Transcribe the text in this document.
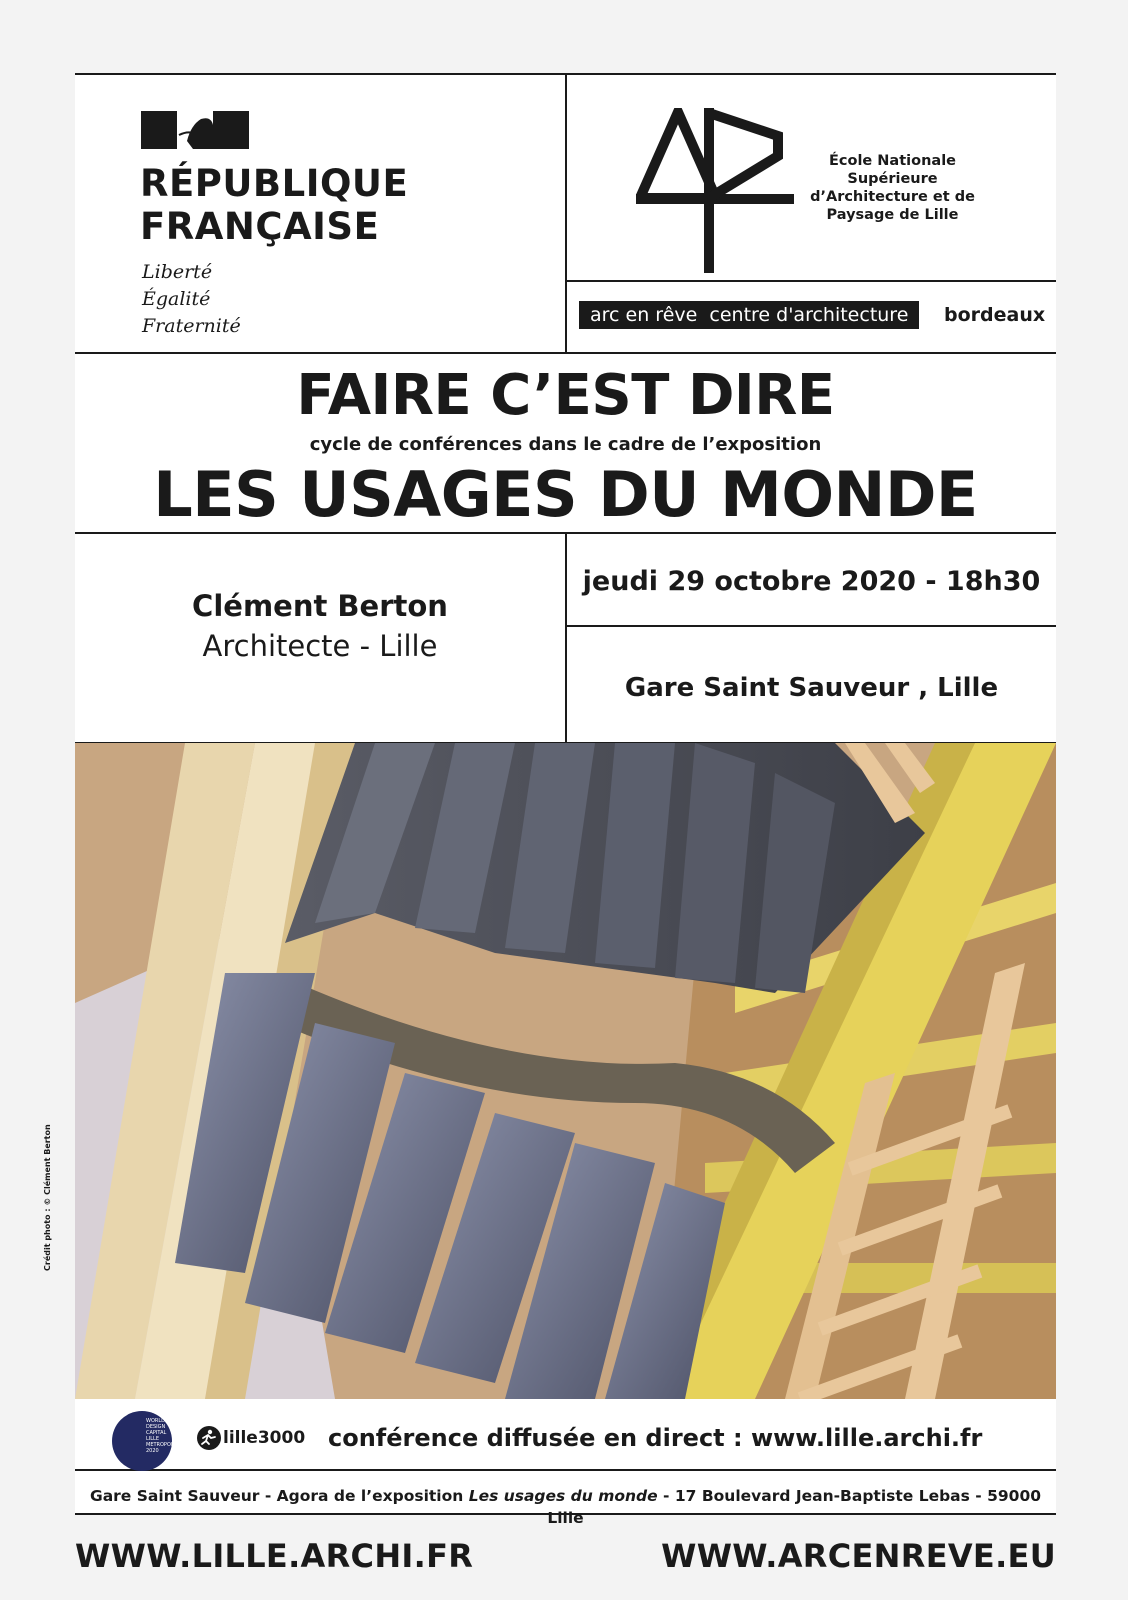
RÉPUBLIQUE
FRANÇAISE
Liberté
Égalité
Fraternité
École Nationale
Supérieure
d’Architecture et de
Paysage de Lille
arc en rêve  centre d'architecture	bordeaux
FAIRE C’EST DIRE
cycle de conférences dans le cadre de l’exposition
LES USAGES DU MONDE
Clément Berton
Architecte - Lille
jeudi 29 octobre 2020 - 18h30
Gare Saint Sauveur , Lille
Crédit photo : © Clément Berton
WORLD DESIGN CAPITAL LILLE METROPOLE 2020
lille3000 conférence diffusée en direct : www.lille.archi.fr
Gare Saint Sauveur - Agora de l’exposition Les usages du monde - 17 Boulevard Jean-Baptiste Lebas - 59000 Lille
WWW.LILLE.ARCHI.FR	WWW.ARCENREVE.EU
